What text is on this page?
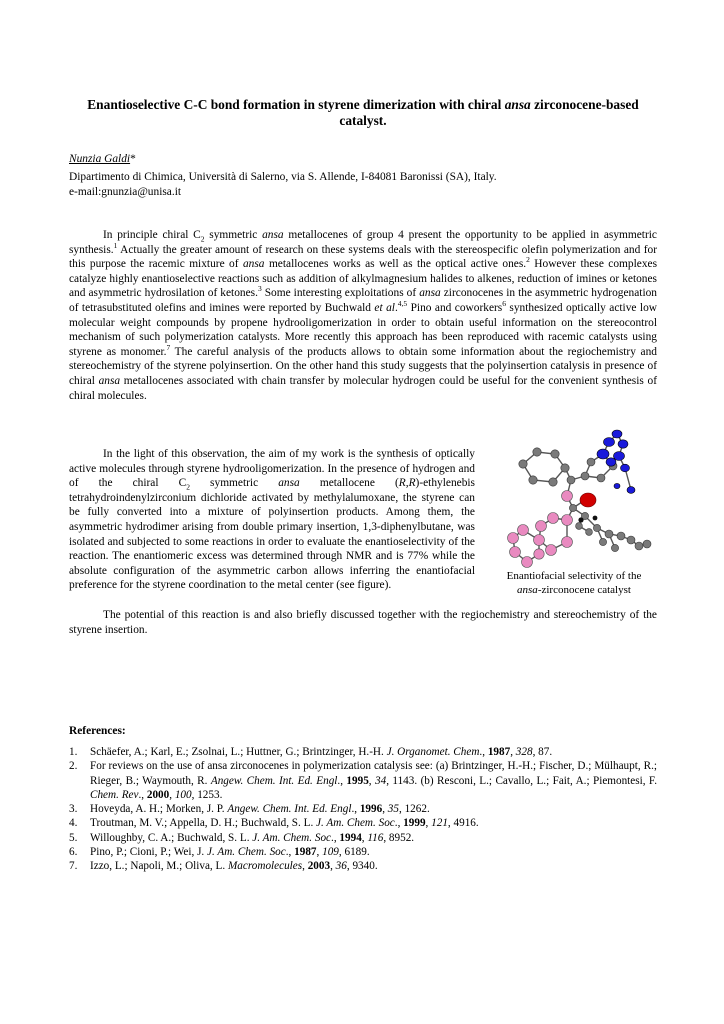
Enantioselective C-C bond formation in styrene dimerization with chiral ansa zirconocene-based catalyst.
Nunzia Galdi*
Dipartimento di Chimica, Università di Salerno, via S. Allende, I-84081 Baronissi (SA), Italy.
e-mail:gnunzia@unisa.it
In principle chiral $C_2$ symmetric ansa metallocenes of group 4 present the opportunity to be applied in asymmetric synthesis.$^1$ Actually the greater amount of research on these systems deals with the stereospecific olefin polymerization and for this purpose the racemic mixture of ansa metallocenes works as well as the optical active ones.$^2$ However these complexes catalyze highly enantioselective reactions such as addition of alkylmagnesium halides to alkenes, reduction of imines or ketones and asymmetric hydrosilation of ketones.$^3$ Some interesting exploitations of ansa zirconocenes in the asymmetric hydrogenation of tetrasubstituted olefins and imines were reported by Buchwald et al.$^{4,5}$ Pino and coworkers$^6$ synthesized optically active low molecular weight compounds by propene hydrooligomerization in order to obtain useful information on the stereocontrol mechanism of such polymerization catalysts. More recently this approach has been reproduced with racemic catalysts using styrene as monomer.$^7$ The careful analysis of the products allows to obtain some information about the regiochemistry and stereochemistry of the styrene polyinsertion. On the other hand this study suggests that the polyinsertion catalysis in presence of chiral ansa metallocenes associated with chain transfer by molecular hydrogen could be useful for the convenient synthesis of chiral molecules.
In the light of this observation, the aim of my work is the synthesis of optically active molecules through styrene hydrooligomerization. In the presence of hydrogen and of the chiral $C_2$ symmetric ansa metallocene (R,R)-ethylenebis tetrahydroindenylzirconium dichloride activated by methylalumoxane, the styrene can be fully converted into a mixture of polyinsertion products. Among them, the asymmetric hydrodimer arising from double primary insertion, 1,3-diphenylbutane, was isolated and subjected to some reactions in order to evaluate the enantioselectivity of the reaction. The enantiomeric excess was determined through NMR and is 77% while the absolute configuration of the asymmetric carbon allows inferring the enantiofacial preference for the styrene coordination to the metal center (see figure).
The potential of this reaction is and also briefly discussed together with the regiochemistry and stereochemistry of the styrene insertion.
Enantiofacial selectivity of the
ansa-zirconocene catalyst
References:
1. Schäefer, A.; Karl, E.; Zsolnai, L.; Huttner, G.; Brintzinger, H.-H. J. Organomet. Chem., 1987, 328, 87.
2. For reviews on the use of ansa zirconocenes in polymerization catalysis see: (a) Brintzinger, H.-H.; Fischer, D.; Mülhaupt, R.; Rieger, B.; Waymouth, R. Angew. Chem. Int. Ed. Engl., 1995, 34, 1143. (b) Resconi, L.; Cavallo, L.; Fait, A.; Piemontesi, F. Chem. Rev., 2000, 100, 1253.
3. Hoveyda, A. H.; Morken, J. P. Angew. Chem. Int. Ed. Engl., 1996, 35, 1262.
4. Troutman, M. V.; Appella, D. H.; Buchwald, S. L. J. Am. Chem. Soc., 1999, 121, 4916.
5. Willoughby, C. A.; Buchwald, S. L. J. Am. Chem. Soc., 1994, 116, 8952.
6. Pino, P.; Cioni, P.; Wei, J. J. Am. Chem. Soc., 1987, 109, 6189.
7. Izzo, L.; Napoli, M.; Oliva, L. Macromolecules, 2003, 36, 9340.
